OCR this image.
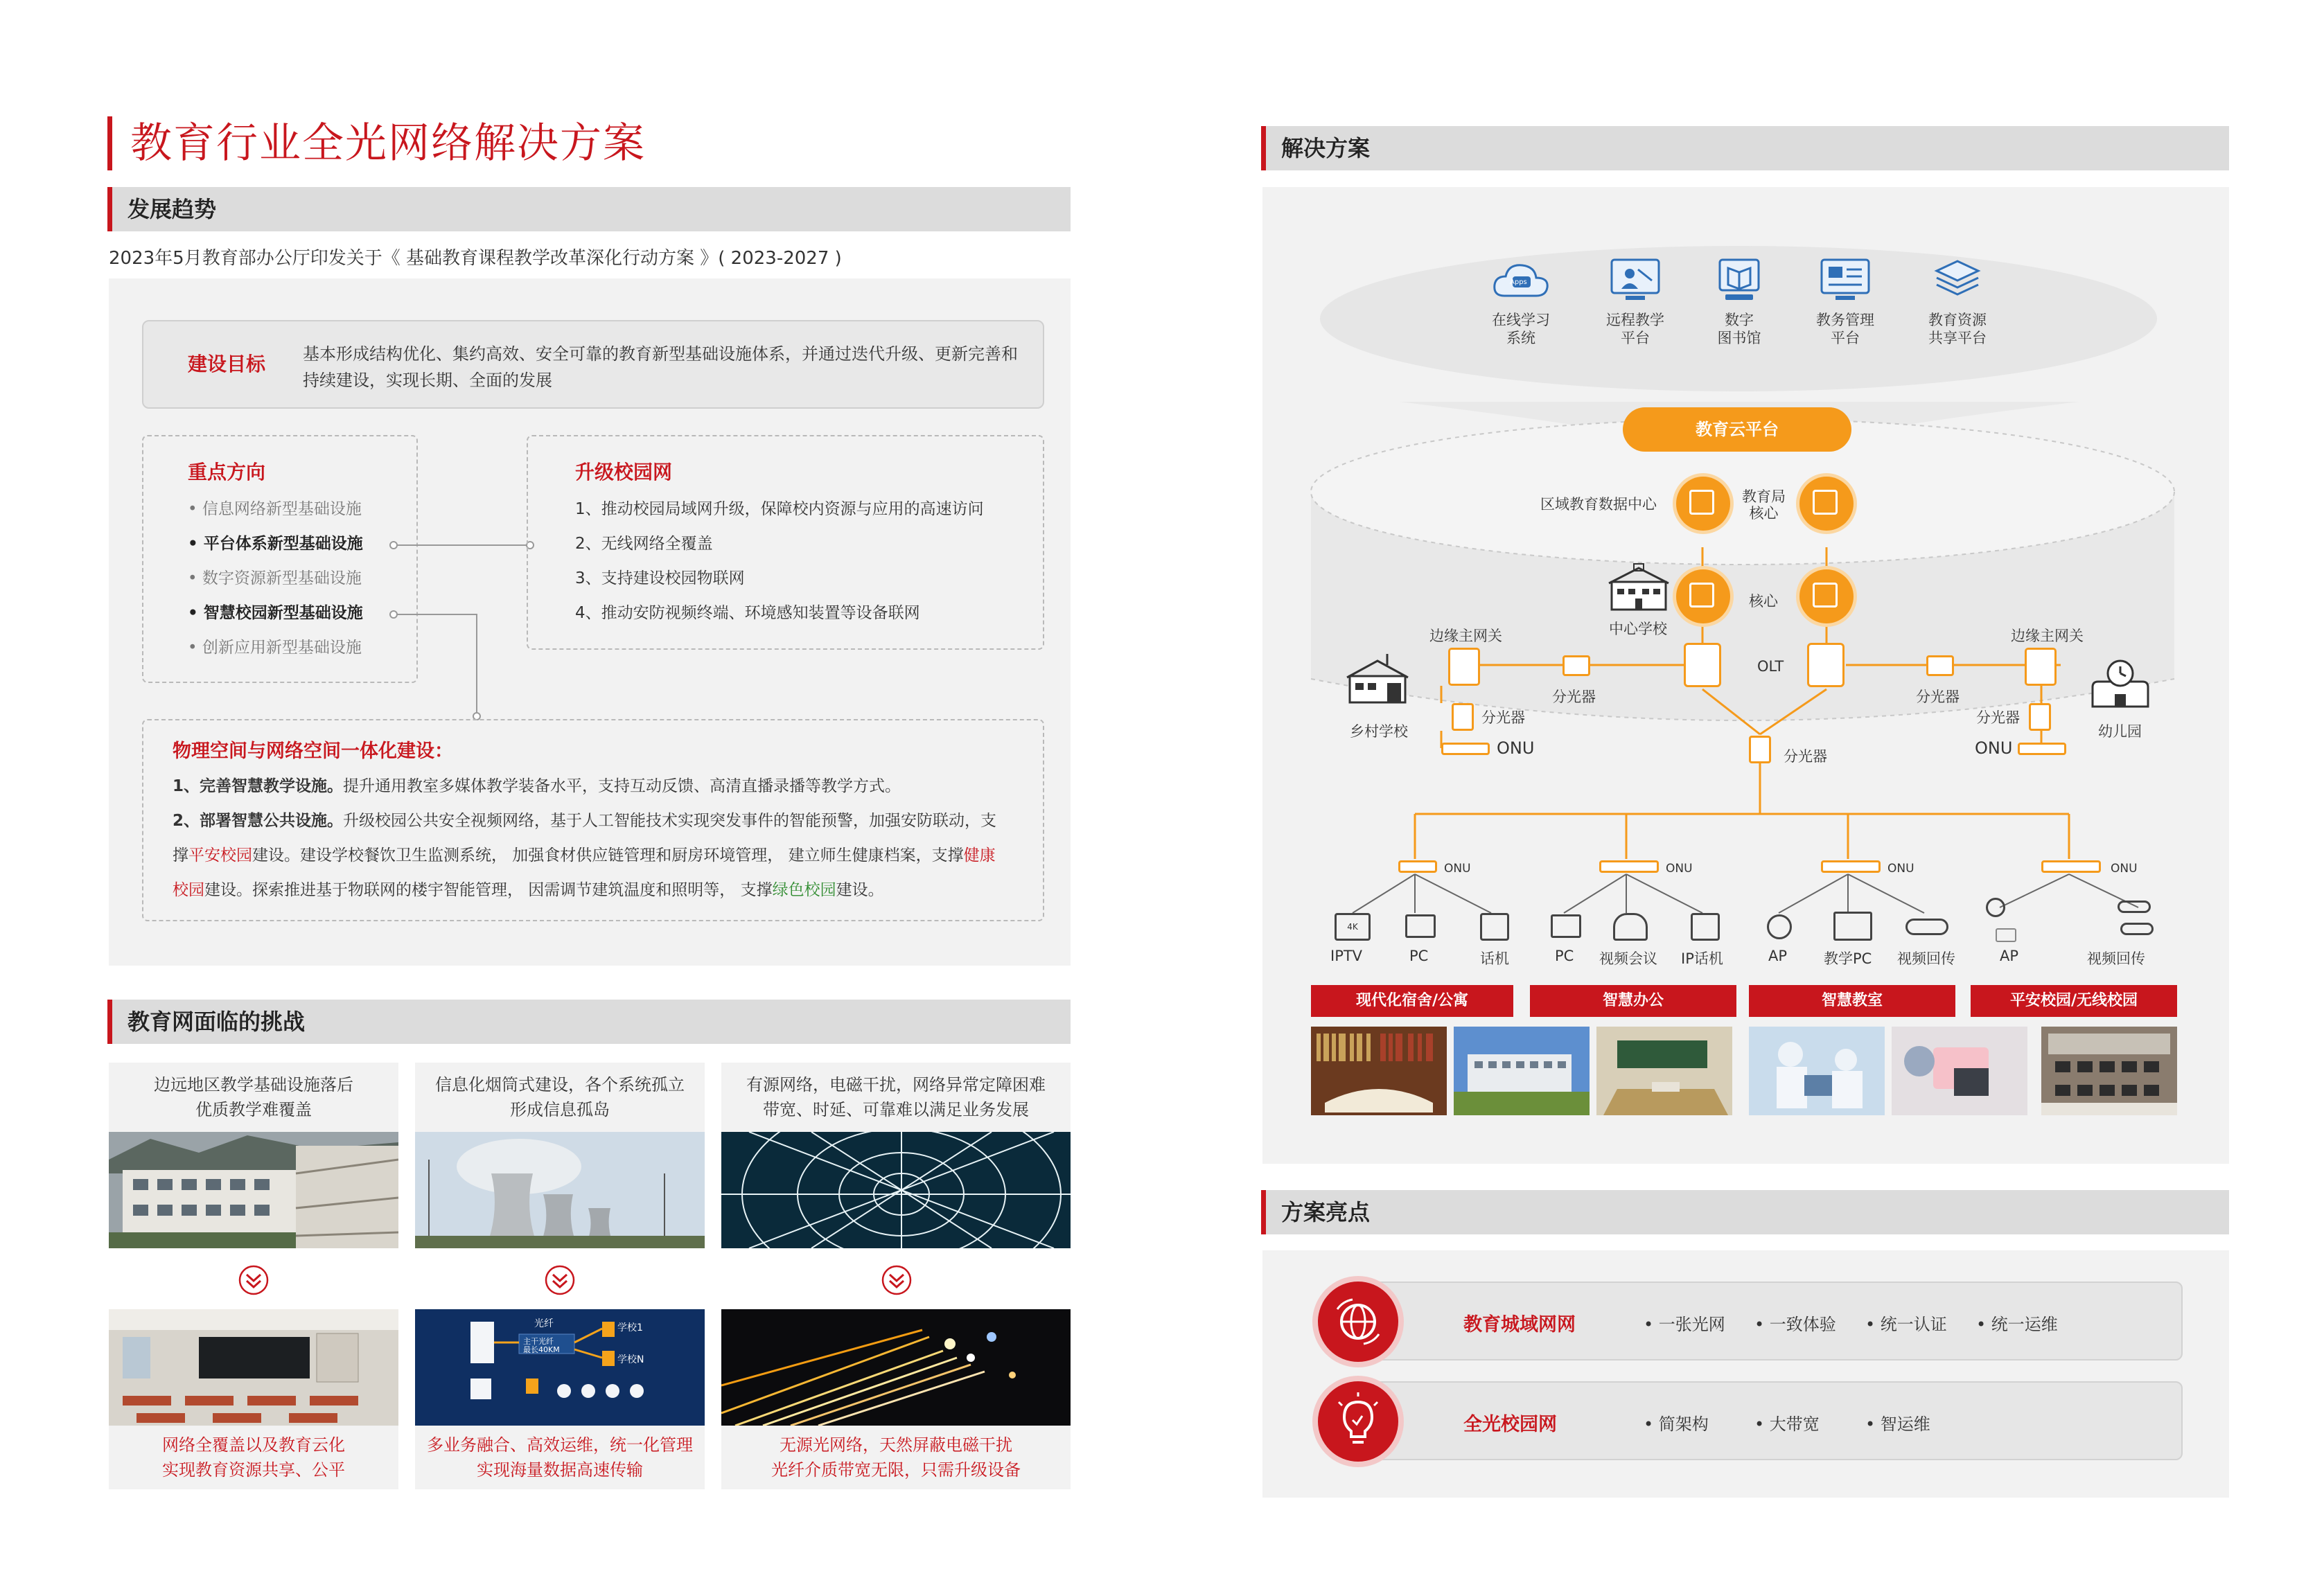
教育行业全光网络解决方案
发展趋势
2023年5月教育部办公厅印发关于《 基础教育课程教学改革深化行动方案 》( 2023-2027 )
建设目标 基本形成结构优化、集约高效、安全可靠的教育新型基础设施体系，并通过迭代升级、更新完善和持续建设，实现长期、全面的发展
重点方向
• 信息网络新型基础设施
• 平台体系新型基础设施
• 数字资源新型基础设施
• 智慧校园新型基础设施
• 创新应用新型基础设施
升级校园网
1、推动校园局域网升级，保障校内资源与应用的高速访问
2、无线网络全覆盖
3、支持建设校园物联网
4、推动安防视频终端、环境感知装置等设备联网
物理空间与网络空间一体化建设：
1、完善智慧教学设施。提升通用教室多媒体教学装备水平，支持互动反馈、高清直播录播等教学方式。
2、部署智慧公共设施。升级校园公共安全视频网络，基于人工智能技术实现突发事件的智能预警，加强安防联动，支
撑平安校园建设。建设学校餐饮卫生监测系统， 加强食材供应链管理和厨房环境管理， 建立师生健康档案，支撑健康
校园建设。探索推进基于物联网的楼宇智能管理， 因需调节建筑温度和照明等， 支撑绿色校园建设。
教育网面临的挑战
边远地区教学基础设施落后
优质教学难覆盖
网络全覆盖以及教育云化
实现教育资源共享、公平
信息化烟筒式建设，各个系统孤立
形成信息孤岛
光纤	学校1
学校N
主干光纤
最长40KM
多业务融合、高效运维，统一化管理
实现海量数据高速传输
有源网络，电磁干扰，网络异常定障困难
带宽、时延、可靠难以满足业务发展
无源光网络，天然屏蔽电磁干扰
光纤介质带宽无限，只需升级设备
解决方案
Apps
在线学习
系统
远程教学
平台
数字
图书馆
教务管理
平台
教育资源
共享平台
教育云平台
区域教育数据中心	教育局
核心
核心
中心学校
OLT
边缘主网关	边缘主网关
分光器	分光器
分光器	分光器
ONU	ONU
分光器
乡村学校	幼儿园
ONU	ONU	ONU	ONU
4K
IPTV	PC	话机	PC 视频会议 IP话机	AP	教学PC 视频回传	AP	视频回传
现代化宿舍/公寓	智慧办公	智慧教室	平安校园/无线校园
方案亮点
教育城域网网	• 一张光网 • 一致体验 • 统一认证 • 统一运维
全光校园网	• 简架构	• 大带宽	• 智运维
